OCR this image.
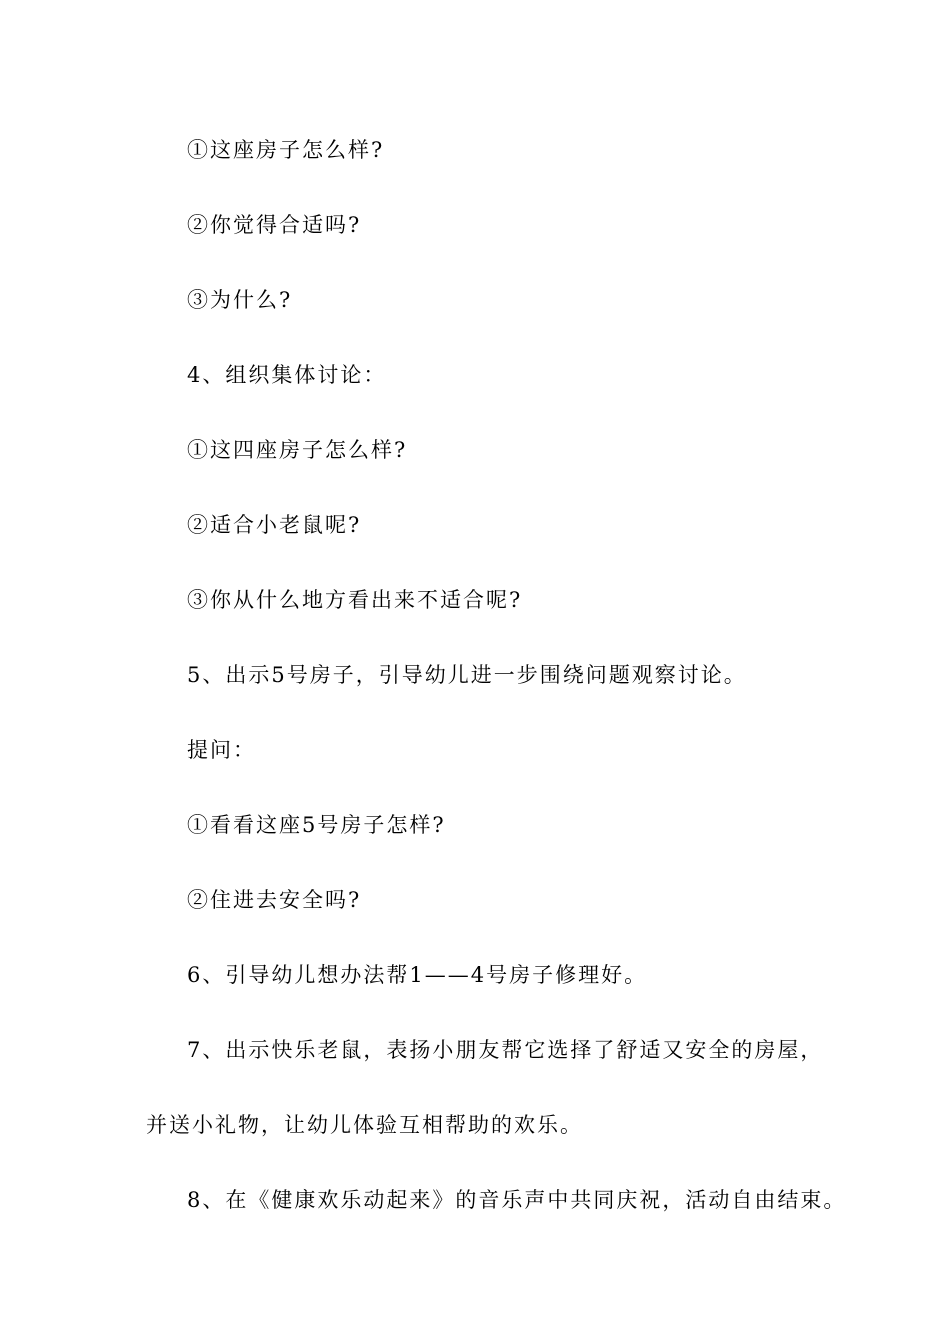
①这座房子怎么样?
②你觉得合适吗?
③为什么?
4、组织集体讨论：
①这四座房子怎么样?
②适合小老鼠呢?
③你从什么地方看出来不适合呢?
5、出示5号房子，引导幼儿进一步围绕问题观察讨论。
提问：
①看看这座5号房子怎样?
②住进去安全吗?
6、引导幼儿想办法帮1——4号房子修理好。
7、出示快乐老鼠，表扬小朋友帮它选择了舒适又安全的房屋，
并送小礼物，让幼儿体验互相帮助的欢乐。
8、在《健康欢乐动起来》的音乐声中共同庆祝，活动自由结束。
